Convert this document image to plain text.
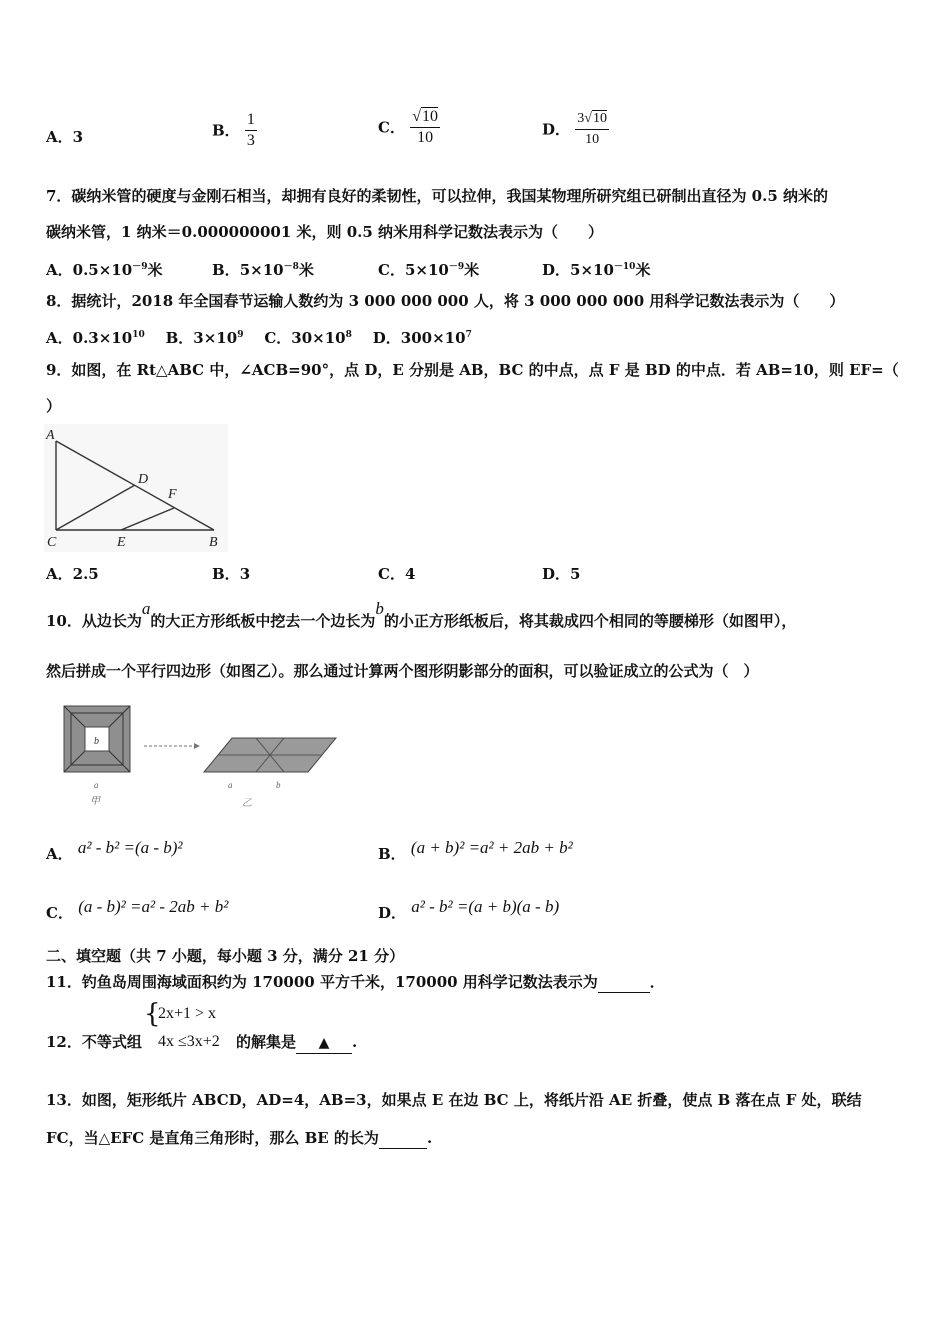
A．3	B． $\frac{1}{3}$	C． $\frac{√10}{10}$	D． $\frac{3√10}{10}$
7．碳纳米管的硬度与金刚石相当，却拥有良好的柔韧性，可以拉伸，我国某物理所研究组已研制出直径为 0.5 纳米的
碳纳米管，1 纳米＝0.000000001 米，则 0.5 纳米用科学记数法表示为（　　）
A．$0.5\times 10^{-9}$米	B．$5\times 10^{-8}$米	C．$5\times 10^{-9}$米	D．$5\times 10^{-10}$米
8．据统计，2018 年全国春节运输人数约为 3 000 000 000 人，将 3 000 000 000 用科学记数法表示为（　　）
A．$0.3\times 10^{10}$ B．$3\times 10^9$ C．$30\times 10^8$ D．$300\times 10^7$
9．如图，在 Rt△ABC 中，∠ACB=90°，点 D，E 分别是 AB，BC 的中点，点 F 是 BD 的中点．若 AB=10，则 EF=（
）
A
D
F
C	E	B
A．2.5	B．3	C．4	D．5
10．从边长为a的大正方形纸板中挖去一个边长为b的小正方形纸板后，将其裁成四个相同的等腰梯形（如图甲），
然后拼成一个平行四边形（如图乙）。那么通过计算两个图形阴影部分的面积，可以验证成立的公式为（　）
b
a
甲
a	b
乙
A． a² - b² =(a - b)²	B． (a + b)² =a² + 2ab + b²
C． (a - b)² =a² - 2ab + b²	D． a² - b² =(a + b)(a - b)
二、填空题（共 7 小题，每小题 3 分，满分 21 分）
11．钓鱼岛周围海域面积约为 170000 平方千米，170000 用科学记数法表示为	．
12．不等式组
{
2x+1 > x
4x ≤3x+2 的解集是 ▲ .
13．如图，矩形纸片 ABCD，AD=4，AB=3，如果点 E 在边 BC 上，将纸片沿 AE 折叠，使点 B 落在点 F 处，联结
FC，当△EFC 是直角三角形时，那么 BE 的长为	.
